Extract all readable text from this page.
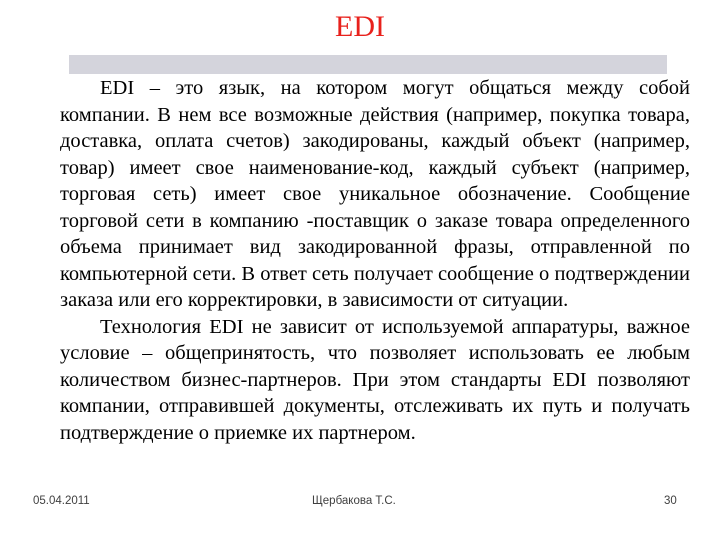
EDI

EDI – это язык, на котором могут общаться между собой компании. В нем все возможные действия (например, покупка товара, доставка, оплата счетов) закодированы, каждый объект (например, товар) имеет свое наименование-код, каждый субъект (например, торговая сеть) имеет свое уникальное обозначение. Сообщение торговой сети в компанию -поставщик о заказе товара определенного объема принимает вид закодированной фразы, отправленной по компьютерной сети. В ответ сеть получает сообщение о подтверждении заказа или его корректировки, в зависимости от ситуации.

Технология EDI не зависит от используемой аппаратуры, важное условие – общепринятость, что позволяет использовать ее любым количеством бизнес-партнеров. При этом стандарты EDI позволяют компании, отправившей документы, отслеживать их путь и получать подтверждение о приемке их партнером.

05.04.2011	Щербакова Т.С.	30
